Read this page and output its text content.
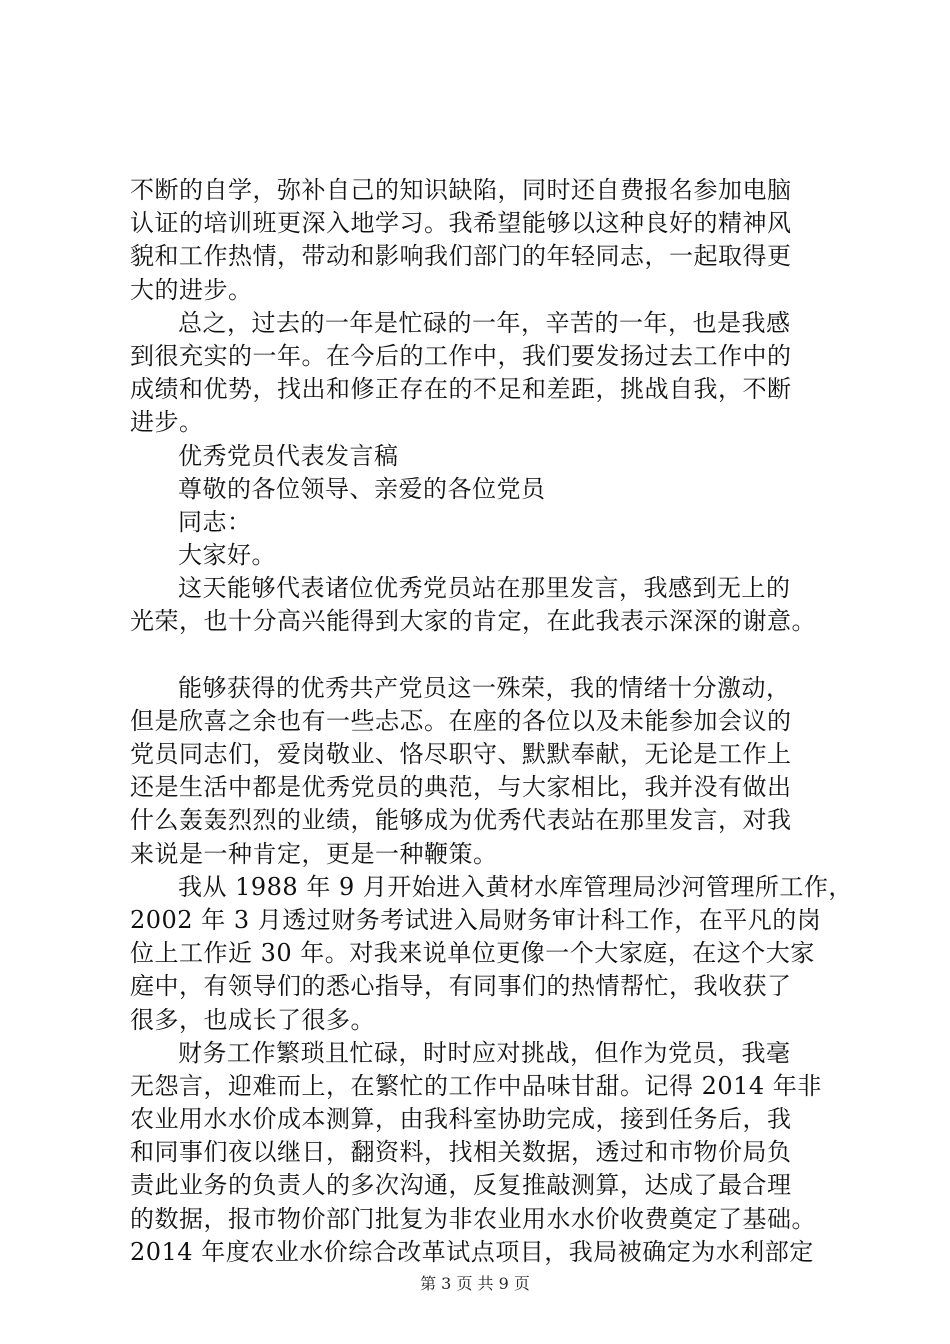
不断的自学，弥补自己的知识缺陷，同时还自费报名参加电脑
认证的培训班更深入地学习。我希望能够以这种良好的精神风
貌和工作热情，带动和影响我们部门的年轻同志，一起取得更
大的进步。
总之，过去的一年是忙碌的一年，辛苦的一年，也是我感
到很充实的一年。在今后的工作中，我们要发扬过去工作中的
成绩和优势，找出和修正存在的不足和差距，挑战自我，不断
进步。
优秀党员代表发言稿
尊敬的各位领导、亲爱的各位党员
同志：
大家好。
这天能够代表诸位优秀党员站在那里发言，我感到无上的
光荣，也十分高兴能得到大家的肯定，在此我表示深深的谢意。
能够获得的优秀共产党员这一殊荣，我的情绪十分激动，
但是欣喜之余也有一些忐忑。在座的各位以及未能参加会议的
党员同志们，爱岗敬业、恪尽职守、默默奉献，无论是工作上
还是生活中都是优秀党员的典范，与大家相比，我并没有做出
什么轰轰烈烈的业绩，能够成为优秀代表站在那里发言，对我
来说是一种肯定，更是一种鞭策。
我从 1988 年 9 月开始进入黄材水库管理局沙河管理所工作，
2002 年 3 月透过财务考试进入局财务审计科工作，在平凡的岗
位上工作近 30 年。对我来说单位更像一个大家庭，在这个大家
庭中，有领导们的悉心指导，有同事们的热情帮忙，我收获了
很多，也成长了很多。
财务工作繁琐且忙碌，时时应对挑战，但作为党员，我毫
无怨言，迎难而上，在繁忙的工作中品味甘甜。记得 2014 年非
农业用水水价成本测算，由我科室协助完成，接到任务后，我
和同事们夜以继日，翻资料，找相关数据，透过和市物价局负
责此业务的负责人的多次沟通，反复推敲测算，达成了最合理
的数据，报市物价部门批复为非农业用水水价收费奠定了基础。
2014 年度农业水价综合改革试点项目，我局被确定为水利部定
第 3 页 共 9 页
